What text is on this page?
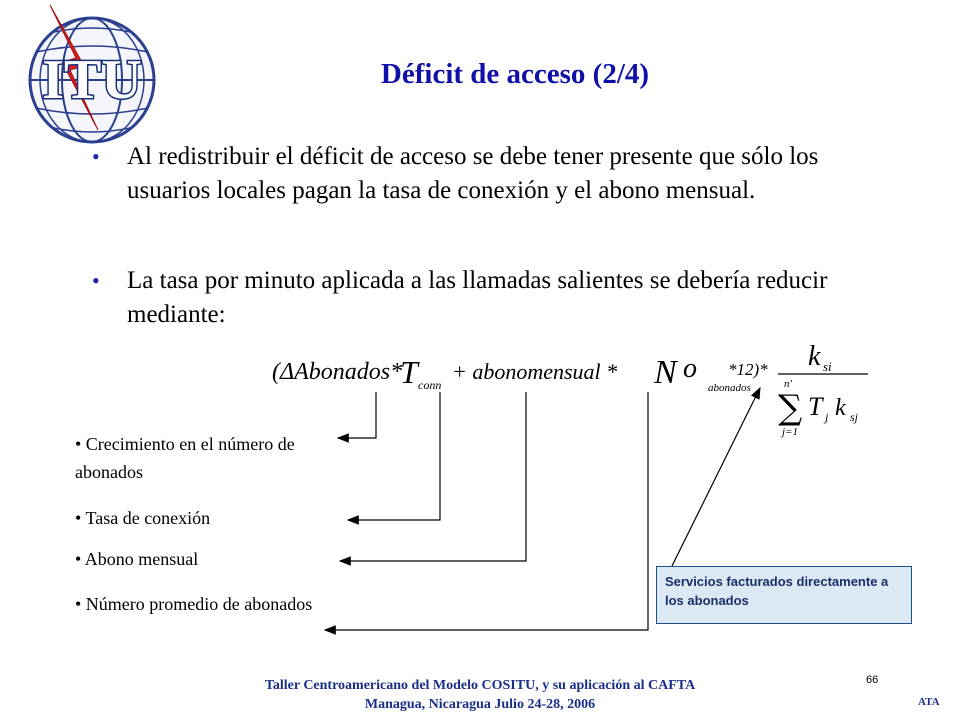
ITU	Déficit de acceso (2/4)
• Al redistribuir el déficit de acceso se debe tener presente que sólo los usuarios locales pagan la tasa de conexión y el abono mensual.
• La tasa por minuto aplicada a las llamadas salientes se debería reducir mediante:
(ΔAbonados*
T conn
+ abonomensual * N o
abonados
*12)* k si
n'
∑
j=1
T j k sj
• Crecimiento en el número de abonados
• Tasa de conexión
• Abono mensual
• Número promedio de abonados
Servicios facturados directamente a los abonados
66
Taller Centroamericano del Modelo COSITU, y su aplicación al CAFTA
Managua, Nicaragua Julio 24-28, 2006	ATA
